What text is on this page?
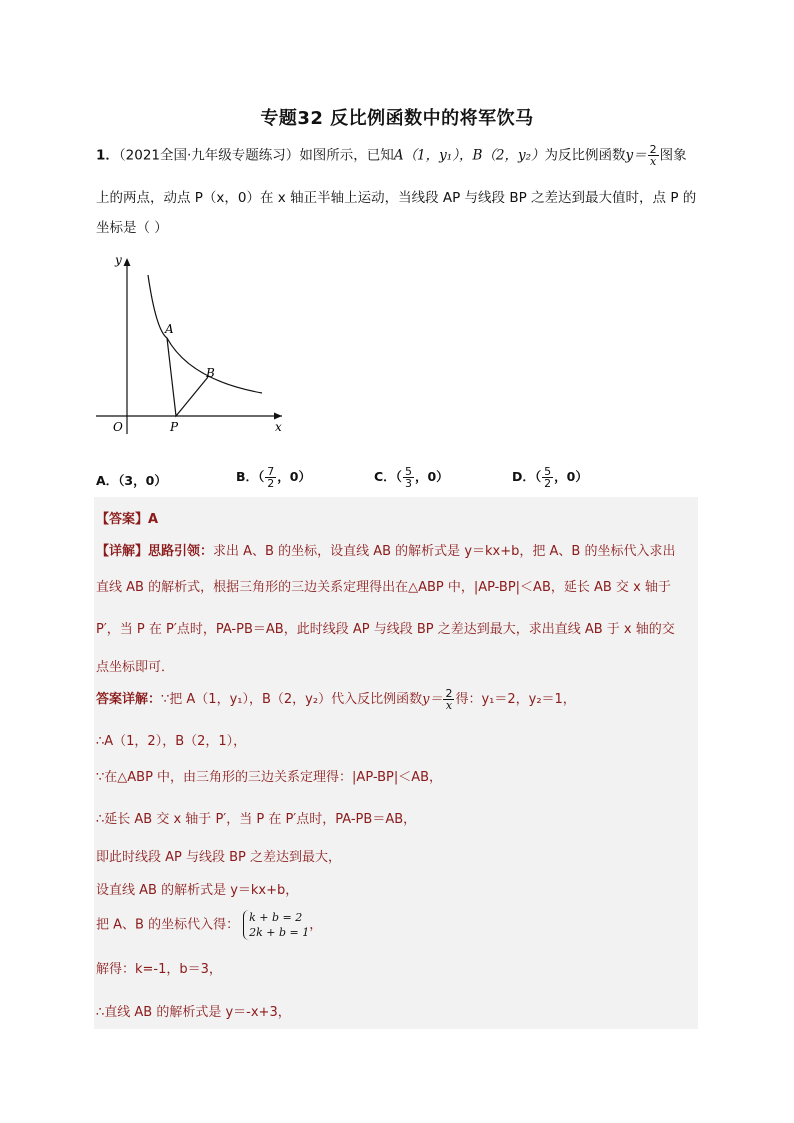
专题32 反比例函数中的将军饮马
1．（2021全国·九年级专题练习）如图所示，已知A（1，y₁），B（2，y₂）为反比例函数$y= \frac{2}{x}$ 图象
上的两点，动点 P（x，0）在 x 轴正半轴上运动，当线段 AP 与线段 BP 之差达到最大值时，点 P 的
坐标是（ ）
y
x
O
A
B
P
A．（3，0）	B．（ $\frac{7}{2}$ ，0）	C．（ $\frac{5}{3}$ ，0）	D．（ $\frac{5}{2}$ ，0）
【答案】A
【详解】思路引领：求出 A、B 的坐标，设直线 AB 的解析式是 y＝kx+b，把 A、B 的坐标代入求出
直线 AB 的解析式，根据三角形的三边关系定理得出在△ABP 中，|AP-BP|＜AB，延长 AB 交 x 轴于
P′，当 P 在 P′点时，PA-PB＝AB，此时线段 AP 与线段 BP 之差达到最大，求出直线 AB 于 x 轴的交
点坐标即可．
答案详解：∵把 A（1，y₁），B（2，y₂）代入反比例函数$y= \frac{2}{x}$ 得：y₁＝2，y₂＝1，
∴A（1，2），B（2，1），
∵在△ABP 中，由三角形的三边关系定理得：|AP-BP|＜AB，
∴延长 AB 交 x 轴于 P′，当 P 在 P′点时，PA-PB＝AB，
即此时线段 AP 与线段 BP 之差达到最大，
设直线 AB 的解析式是 y＝kx+b，
把 A、B 的坐标代入得： k + b = 2
2k + b = 1 ，
解得：k=-1，b＝3，
∴直线 AB 的解析式是 y＝-x+3，
